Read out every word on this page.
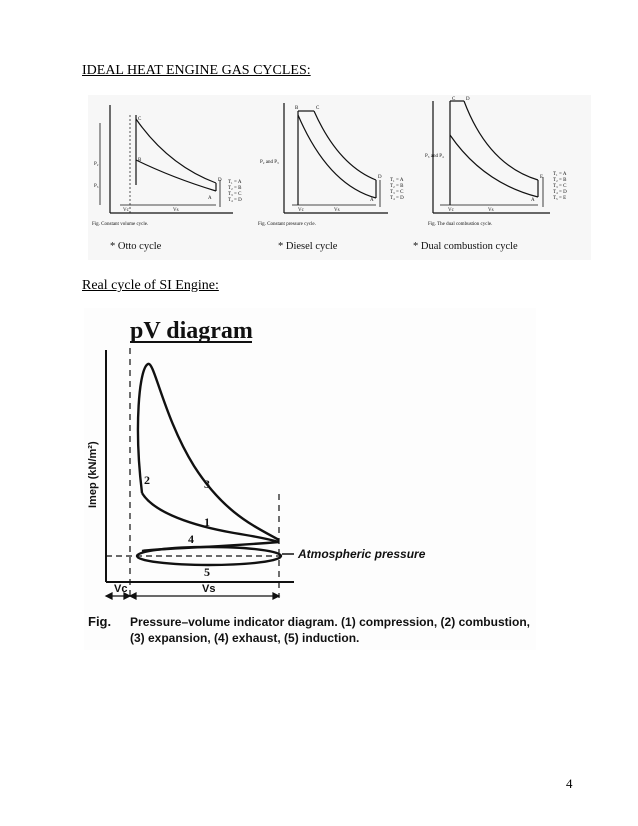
IDEAL HEAT ENGINE GAS CYCLES:
C
B
D
A
P₂
P₃
T₁ = A
T₂ = B
T₃ = C
T₄ = D
Vc	Vs
Fig. Constant volume cycle.
B	C
D
A
P₂ and P₃
T₁ = A
T₂ = B
T₃ = C
T₄ = D
Vc	Vs
Fig. Constant pressure cycle.
C D
E
A
P₃ and P₄
T₁ = A
T₂ = B
T₃ = C
T₄ = D
T₅ = E
Vc	Vs
Fig. The dual combustion cycle.
* Otto cycle	* Diesel cycle	* Dual combustion cycle
Real cycle of SI Engine:
pV diagram
Imep (kN/m²)
1
2	3
4
5
Atmospheric pressure
Vc	Vs
Fig. Pressure–volume indicator diagram. (1) compression, (2) combustion,
(3) expansion, (4) exhaust, (5) induction.
4
